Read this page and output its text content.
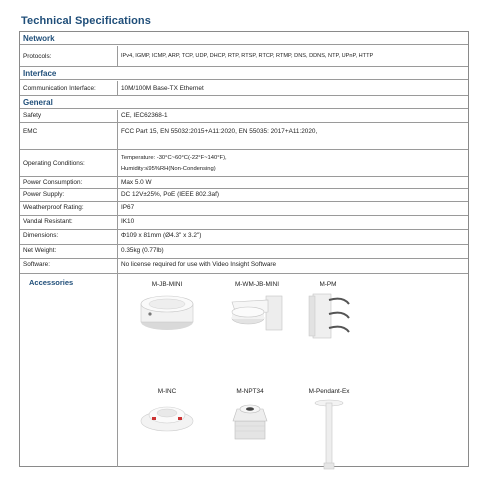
Technical Specifications
Network
Protocols:	IPv4, IGMP, ICMP, ARP, TCP, UDP, DHCP, RTP, RTSP, RTCP, RTMP, DNS, DDNS, NTP, UPnP, HTTP
Interface
Communication Interface:	10M/100M Base-TX Ethernet
General
Safety	CE, IEC62368-1
EMC	FCC Part 15, EN 55032:2015+A11:2020, EN 55035: 2017+A11:2020,
Operating Conditions:
Temperature: -30°C~60°C(-22°F~140°F),
Humidity:≤95%RH(Non-Condensing)
Power Consumption:	Max 5.0 W
Power Supply:	DC 12V±25%, PoE (IEEE 802.3af)
Weatherproof Rating:	IP67
Vandal Resistant:	IK10
Dimensions:	Φ109 x 81mm (Ø4.3" x 3.2")
Net Weight:	0.35kg (0.77lb)
Software:	No license required for use with Video Insight Software
Accessories	M-JB-MINI	M-WM-JB-MINI	M-PM
M-INC	M-NPT34	M-Pendant-Ex
